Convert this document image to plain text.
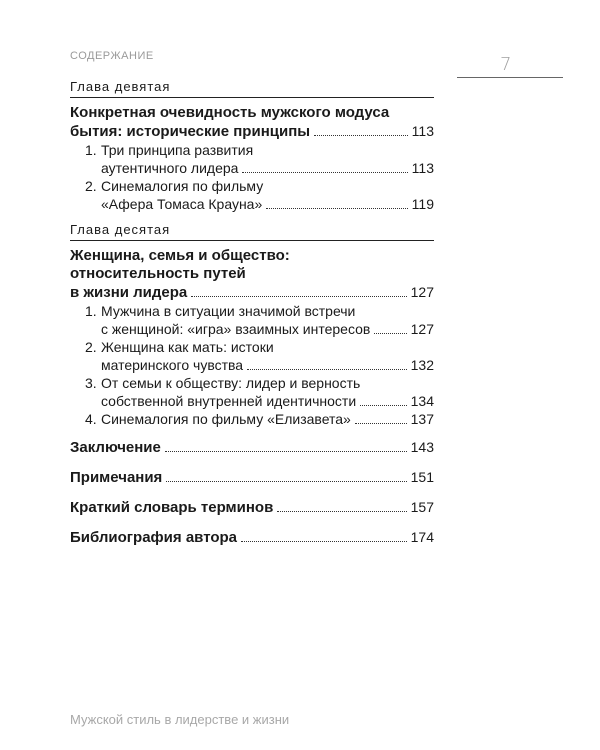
СОДЕРЖАНИЕ	7
Глава девятая
Конкретная очевидность мужского модуса
бытия: исторические принципы	113
1. Три принципа развития
аутентичного лидера	113
2. Синемалогия по фильму
«Афера Томаса Крауна»	119
Глава десятая
Женщина, семья и общество:
относительность путей
в жизни лидера	127
1. Мужчина в ситуации значимой встречи
с женщиной: «игра» взаимных интересов	127
2. Женщина как мать: истоки
материнского чувства	132
3. От семьи к обществу: лидер и верность
собственной внутренней идентичности	134
4. Синемалогия по фильму «Елизавета»	137
Заключение	143
Примечания	151
Краткий словарь терминов	157
Библиография автора	174
Мужской стиль в лидерстве и жизни
